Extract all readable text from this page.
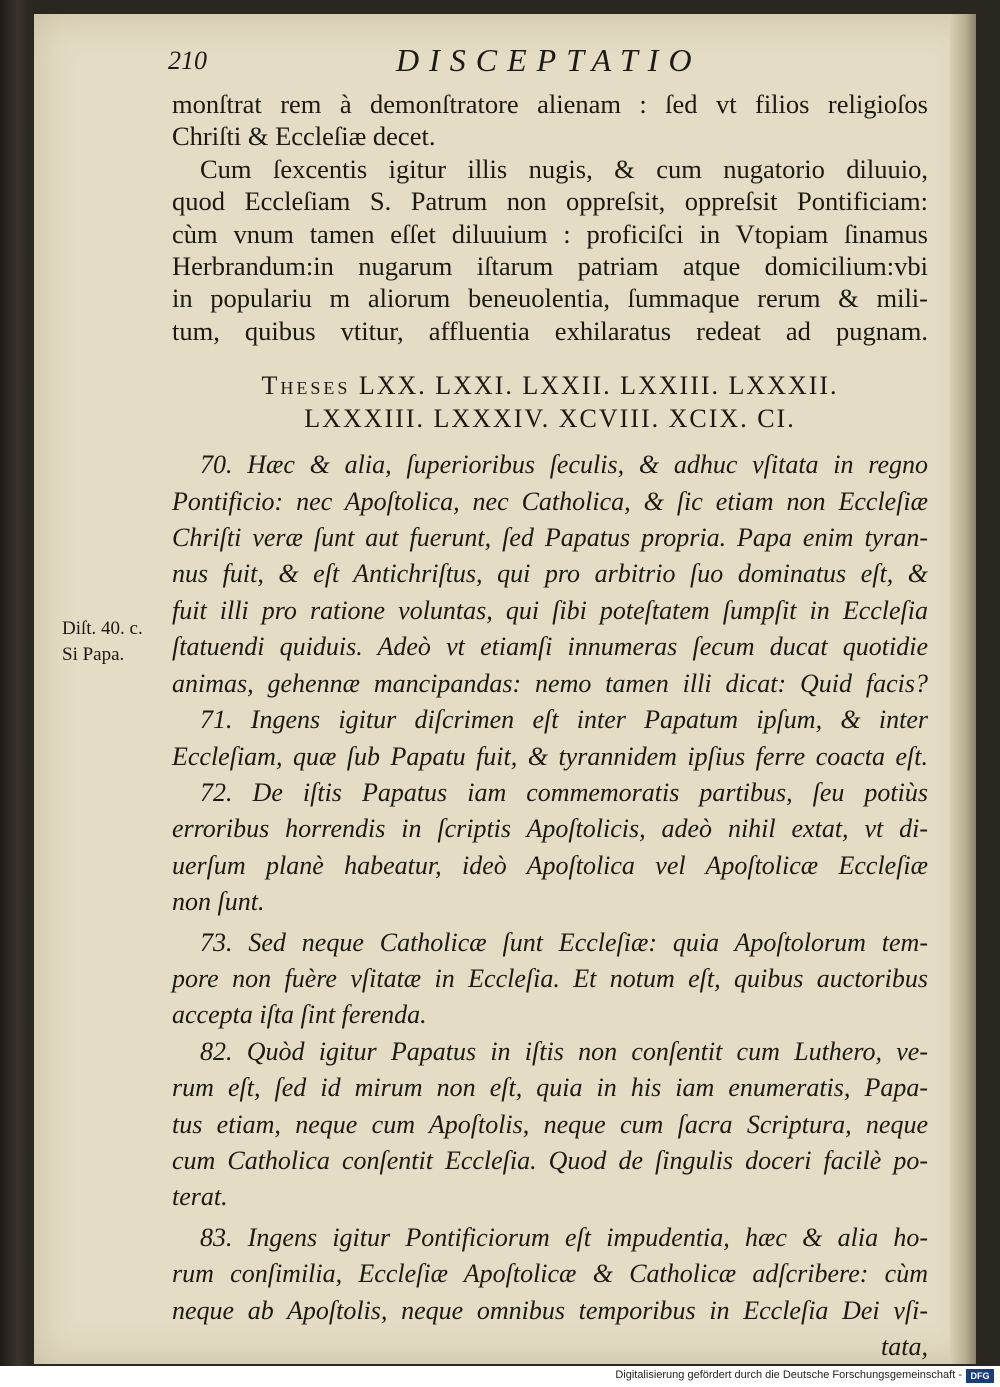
210	DISCEPTATIO
Diſt. 40. c.
Si Papa.
monſtrat rem à demonſtratore alienam : ſed vt filios religioſos
Chriſti & Eccleſiæ decet.
Cum ſexcentis igitur illis nugis, & cum nugatorio diluuio,
quod Eccleſiam S. Patrum non oppreſsit, oppreſsit Pontificiam:
cùm vnum tamen eſſet diluuium : proficiſci in Vtopiam ſinamus
Herbrandum:in nugarum iſtarum patriam atque domicilium:vbi
in populariu m aliorum beneuolentia, ſummaque rerum & mili-
tum, quibus vtitur, affluentia exhilaratus redeat ad pugnam.
Theses LXX. LXXI. LXXII. LXXIII. LXXXII.
LXXXIII. LXXXIV. XCVIII. XCIX. CI.
70. Hæc & alia, ſuperioribus ſeculis, & adhuc vſitata in regno
Pontificio: nec Apoſtolica, nec Catholica, & ſic etiam non Eccleſiæ
Chriſti veræ ſunt aut fuerunt, ſed Papatus propria. Papa enim tyran-
nus fuit, & eſt Antichriſtus, qui pro arbitrio ſuo dominatus eſt, &
fuit illi pro ratione voluntas, qui ſibi poteſtatem ſumpſit in Eccleſia
ſtatuendi quiduis. Adeò vt etiamſi innumeras ſecum ducat quotidie
animas, gehennæ mancipandas: nemo tamen illi dicat: Quid facis?
71. Ingens igitur diſcrimen eſt inter Papatum ipſum, & inter
Eccleſiam, quæ ſub Papatu fuit, & tyrannidem ipſius ferre coacta eſt.
72. De iſtis Papatus iam commemoratis partibus, ſeu potiùs
erroribus horrendis in ſcriptis Apoſtolicis, adeò nihil extat, vt di-
uerſum planè habeatur, ideò Apoſtolica vel Apoſtolicæ Eccleſiæ
non ſunt.
73. Sed neque Catholicæ ſunt Eccleſiæ: quia Apoſtolorum tem-
pore non fuère vſitatæ in Eccleſia. Et notum eſt, quibus auctoribus
accepta iſta ſint ferenda.
82. Quòd igitur Papatus in iſtis non conſentit cum Luthero, ve-
rum eſt, ſed id mirum non eſt, quia in his iam enumeratis, Papa-
tus etiam, neque cum Apoſtolis, neque cum ſacra Scriptura, neque
cum Catholica conſentit Eccleſia. Quod de ſingulis doceri facilè po-
terat.
83. Ingens igitur Pontificiorum eſt impudentia, hæc & alia ho-
rum conſimilia, Eccleſiæ Apoſtolicæ & Catholicæ adſcribere: cùm
neque ab Apoſtolis, neque omnibus temporibus in Eccleſia Dei vſi-
tata,
Digitalisierung gefördert durch die Deutsche Forschungsgemeinschaft - DFG
